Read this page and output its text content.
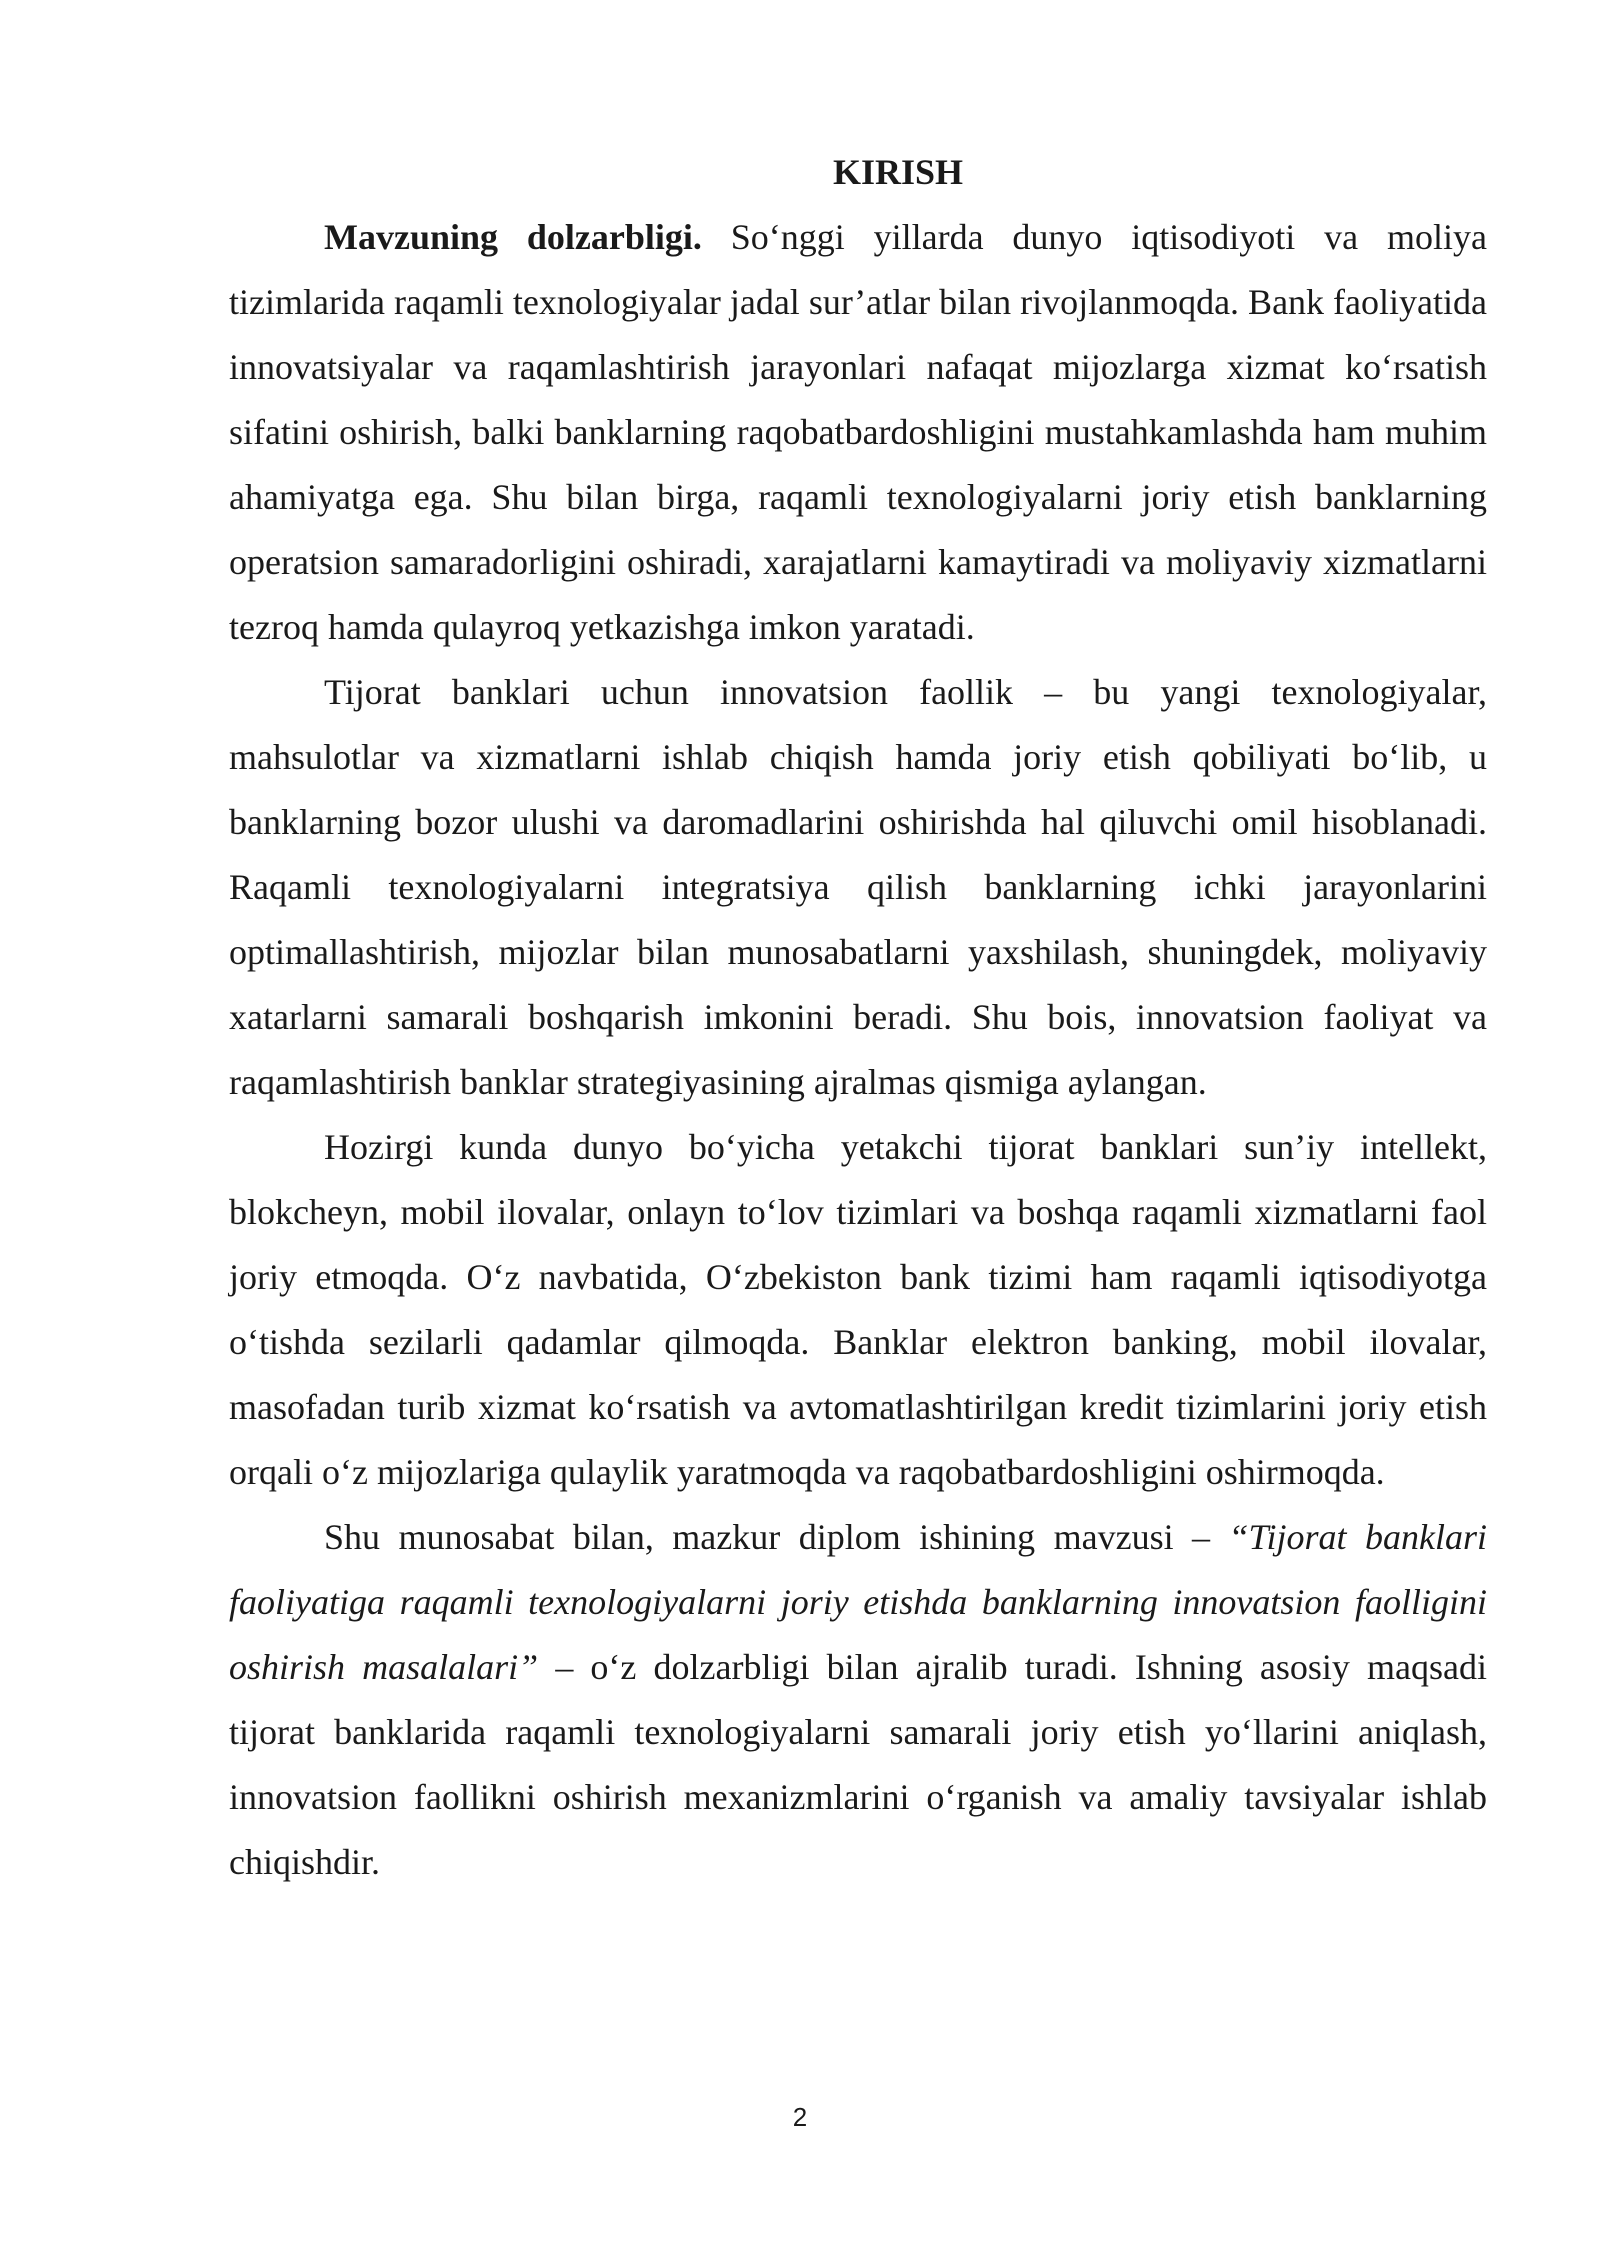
KIRISH

Mavzuning dolzarbligi. So‘nggi yillarda dunyo iqtisodiyoti va moliya tizimlarida raqamli texnologiyalar jadal sur’atlar bilan rivojlanmoqda. Bank faoliyatida innovatsiyalar va raqamlashtirish jarayonlari nafaqat mijozlarga xizmat ko‘rsatish sifatini oshirish, balki banklarning raqobatbardoshligini mustahkamlashda ham muhim ahamiyatga ega. Shu bilan birga, raqamli texnologiyalarni joriy etish banklarning operatsion samaradorligini oshiradi, xarajatlarni kamaytiradi va moliyaviy xizmatlarni tezroq hamda qulayroq yetkazishga imkon yaratadi.

Tijorat banklari uchun innovatsion faollik – bu yangi texnologiyalar, mahsulotlar va xizmatlarni ishlab chiqish hamda joriy etish qobiliyati bo‘lib, u banklarning bozor ulushi va daromadlarini oshirishda hal qiluvchi omil hisoblanadi. Raqamli texnologiyalarni integratsiya qilish banklarning ichki jarayonlarini optimallashtirish, mijozlar bilan munosabatlarni yaxshilash, shuningdek, moliyaviy xatarlarni samarali boshqarish imkonini beradi. Shu bois, innovatsion faoliyat va raqamlashtirish banklar strategiyasining ajralmas qismiga aylangan.

Hozirgi kunda dunyo bo‘yicha yetakchi tijorat banklari sun’iy intellekt, blokcheyn, mobil ilovalar, onlayn to‘lov tizimlari va boshqa raqamli xizmatlarni faol joriy etmoqda. O‘z navbatida, O‘zbekiston bank tizimi ham raqamli iqtisodiyotga o‘tishda sezilarli qadamlar qilmoqda. Banklar elektron banking, mobil ilovalar, masofadan turib xizmat ko‘rsatish va avtomatlashtirilgan kredit tizimlarini joriy etish orqali o‘z mijozlariga qulaylik yaratmoqda va raqobatbardoshligini oshirmoqda.

Shu munosabat bilan, mazkur diplom ishining mavzusi – “Tijorat banklari faoliyatiga raqamli texnologiyalarni joriy etishda banklarning innovatsion faolligini oshirish masalalari” – o‘z dolzarbligi bilan ajralib turadi. Ishning asosiy maqsadi tijorat banklarida raqamli texnologiyalarni samarali joriy etish yo‘llarini aniqlash, innovatsion faollikni oshirish mexanizmlarini o‘rganish va amaliy tavsiyalar ishlab chiqishdir.

2
